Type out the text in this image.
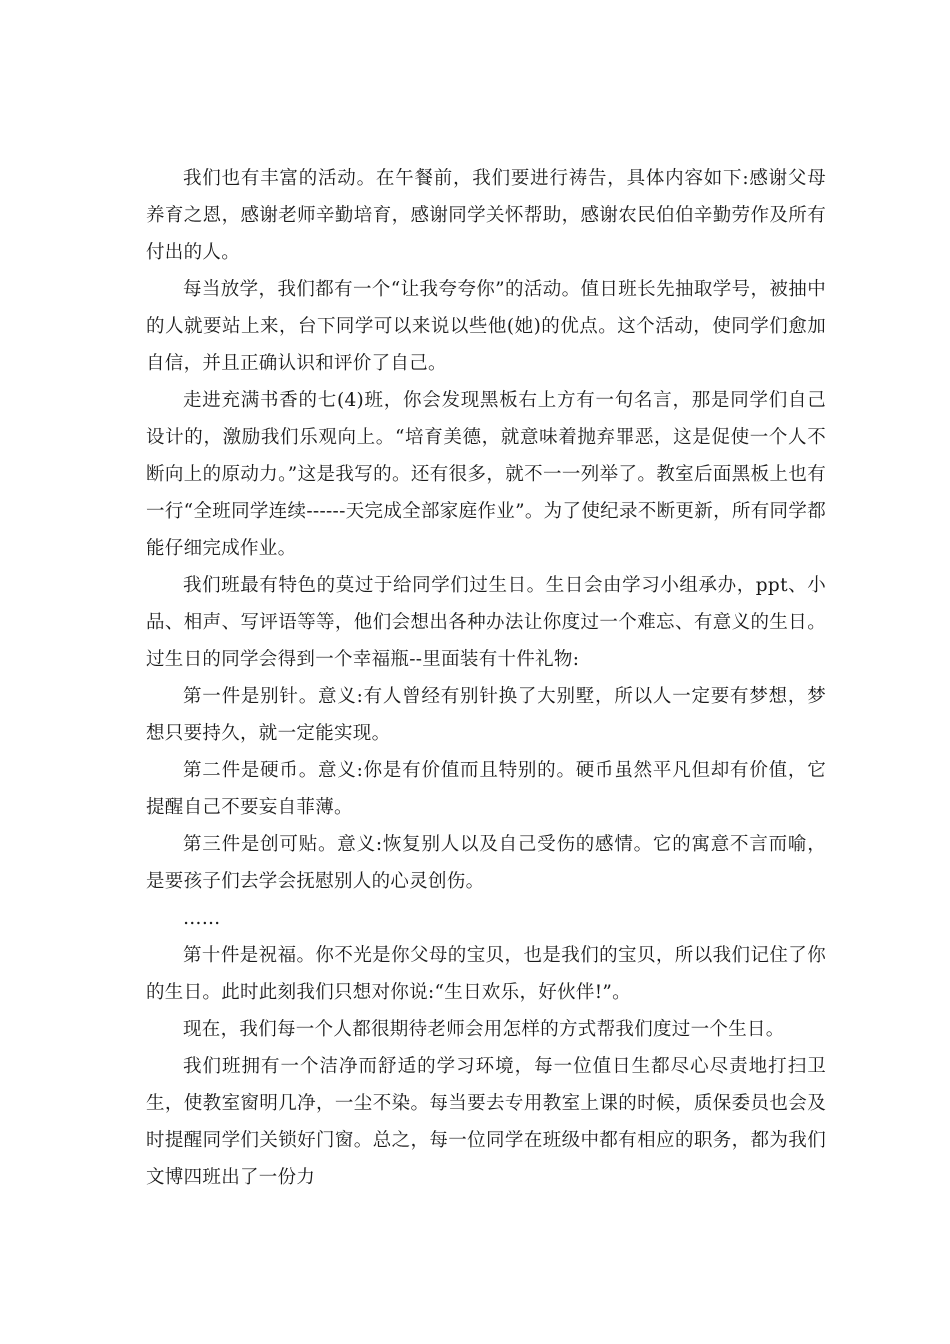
我们也有丰富的活动。在午餐前，我们要进行祷告，具体内容如下:感谢父母养育之恩，感谢老师辛勤培育，感谢同学关怀帮助，感谢农民伯伯辛勤劳作及所有付出的人。

每当放学，我们都有一个“让我夸夸你”的活动。值日班长先抽取学号，被抽中的人就要站上来，台下同学可以来说以些他(她)的优点。这个活动，使同学们愈加自信，并且正确认识和评价了自己。

走进充满书香的七(4)班，你会发现黑板右上方有一句名言，那是同学们自己设计的，激励我们乐观向上。“培育美德，就意味着抛弃罪恶，这是促使一个人不断向上的原动力。”这是我写的。还有很多，就不一一列举了。教室后面黑板上也有一行“全班同学连续------天完成全部家庭作业”。为了使纪录不断更新，所有同学都能仔细完成作业。

我们班最有特色的莫过于给同学们过生日。生日会由学习小组承办，ppt、小品、相声、写评语等等，他们会想出各种办法让你度过一个难忘、有意义的生日。过生日的同学会得到一个幸福瓶--里面装有十件礼物:

第一件是别针。意义:有人曾经有别针换了大别墅，所以人一定要有梦想，梦想只要持久，就一定能实现。

第二件是硬币。意义:你是有价值而且特别的。硬币虽然平凡但却有价值，它提醒自己不要妄自菲薄。

第三件是创可贴。意义:恢复别人以及自己受伤的感情。它的寓意不言而喻，是要孩子们去学会抚慰别人的心灵创伤。

……

第十件是祝福。你不光是你父母的宝贝，也是我们的宝贝，所以我们记住了你的生日。此时此刻我们只想对你说:“生日欢乐，好伙伴!”。

现在，我们每一个人都很期待老师会用怎样的方式帮我们度过一个生日。

我们班拥有一个洁净而舒适的学习环境，每一位值日生都尽心尽责地打扫卫生，使教室窗明几净，一尘不染。每当要去专用教室上课的时候，质保委员也会及时提醒同学们关锁好门窗。总之，每一位同学在班级中都有相应的职务，都为我们文博四班出了一份力
